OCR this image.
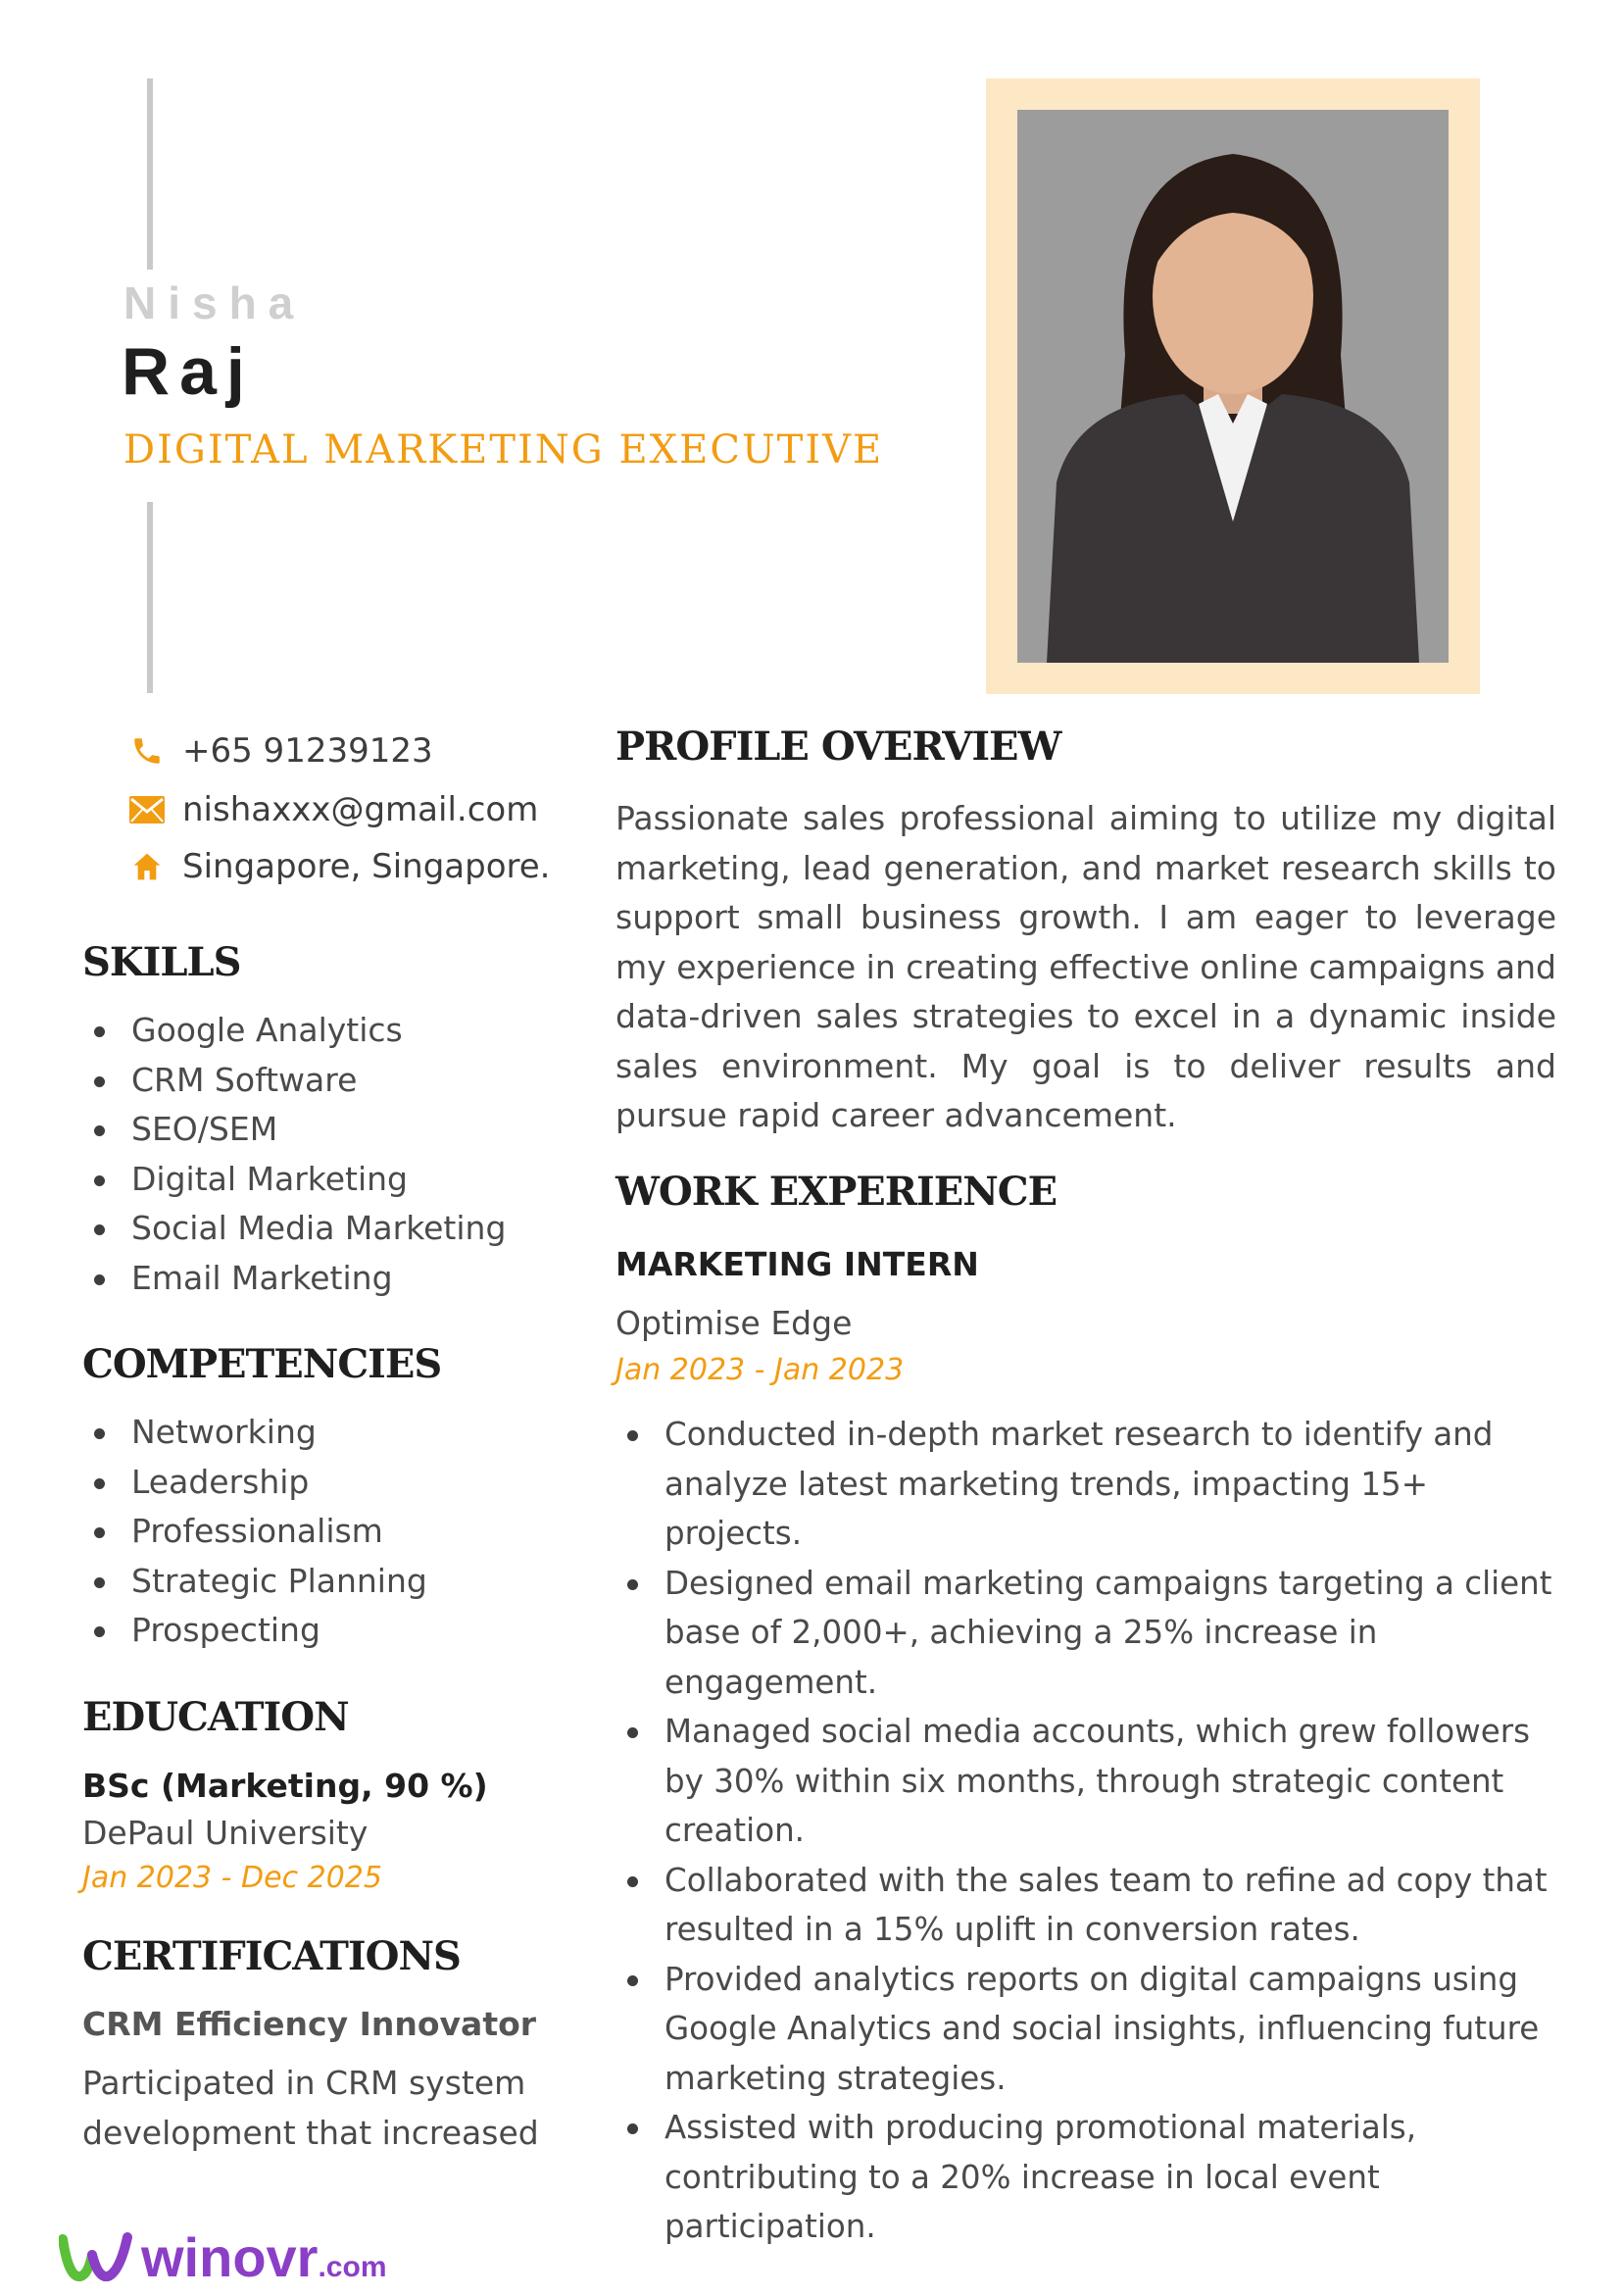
Nisha
Raj
DIGITAL MARKETING EXECUTIVE
+65 91239123
nishaxxx@gmail.com
Singapore, Singapore.
SKILLS
Google Analytics
CRM Software
SEO/SEM
Digital Marketing
Social Media Marketing
Email Marketing
COMPETENCIES
Networking
Leadership
Professionalism
Strategic Planning
Prospecting
EDUCATION
BSc (Marketing, 90 %)
DePaul University
Jan 2023 - Dec 2025
CERTIFICATIONS
CRM Efficiency Innovator
Participated in CRM system development that increased
PROFILE OVERVIEW
Passionate sales professional aiming to utilize my digital marketing, lead generation, and market research skills to support small business growth. I am eager to leverage my experience in creating effective online campaigns and data-driven sales strategies to excel in a dynamic inside sales environment. My goal is to deliver results and pursue rapid career advancement.
WORK EXPERIENCE
MARKETING INTERN
Optimise Edge
Jan 2023 - Jan 2023
Conducted in-depth market research to identify and analyze latest marketing trends, impacting 15+ projects.
Designed email marketing campaigns targeting a client base of 2,000+, achieving a 25% increase in engagement.
Managed social media accounts, which grew followers by 30% within six months, through strategic content creation.
Collaborated with the sales team to refine ad copy that resulted in a 15% uplift in conversion rates.
Provided analytics reports on digital campaigns using Google Analytics and social insights, influencing future marketing strategies.
Assisted with producing promotional materials, contributing to a 20% increase in local event participation.
winovr .com
